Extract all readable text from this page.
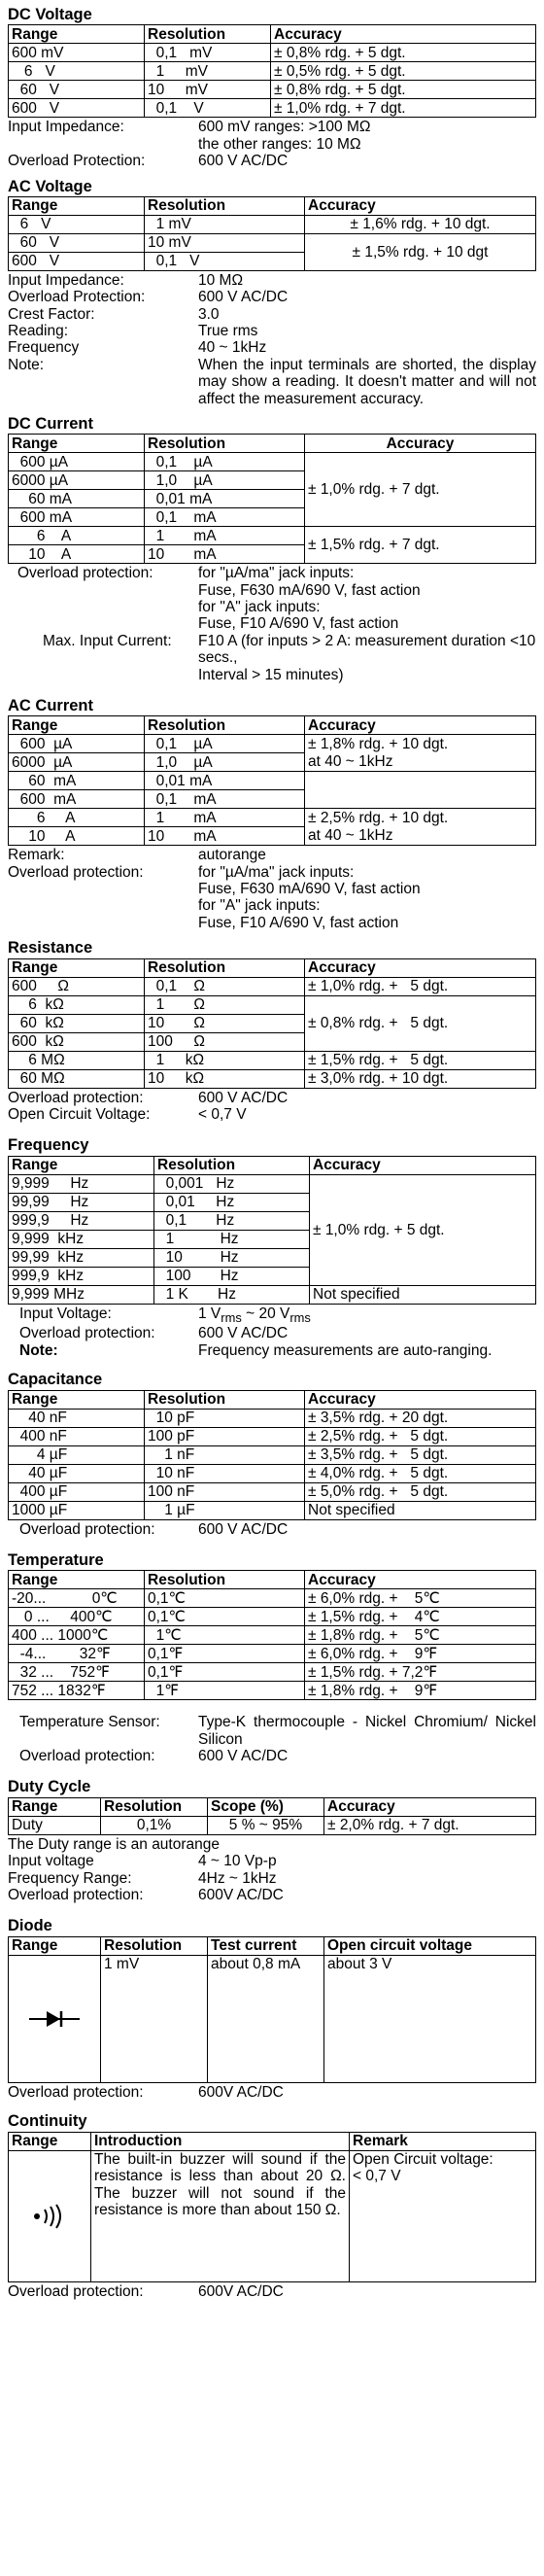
DC Voltage
Range	Resolution	Accuracy
600 mV	0,1   mV	± 0,8% rdg. + 5 dgt.
6   V	1     mV	± 0,5% rdg. + 5 dgt.
60   V	10     mV	± 0,8% rdg. + 5 dgt.
600   V	0,1    V	± 1,0% rdg. + 7 dgt.
Input Impedance:	600 mV ranges: >100 MΩ
the other ranges: 10 MΩ
Overload Protection:	600 V AC/DC
AC Voltage
Range	Resolution	Accuracy
6   V	1 mV	± 1,6% rdg. + 10 dgt.
60   V	10 mV	± 1,5% rdg. + 10 dgt
600   V	0,1   V	
Input Impedance:	10 MΩ
Overload Protection:	600 V AC/DC
Crest Factor:	3.0
Reading:	True rms
Frequency	40 ~ 1kHz
Note:	When the input terminals are shorted, the display may show a reading. It doesn't matter and will not affect the measurement accuracy.
DC Current
Range	Resolution	Accuracy
600 µA	0,1    µA	± 1,0% rdg. + 7 dgt.
6000 µA	1,0    µA	
60 mA	0,01 mA	
600 mA	0,1    mA	
6    A	1       mA	± 1,5% rdg. + 7 dgt.
10    A	10       mA	
Overload protection:	for "µA/ma" jack inputs:
Fuse, F630 mA/690 V, fast action
for "A" jack inputs:
Fuse, F10 A/690 V, fast action
Max. Input Current:	F10 A (for inputs > 2 A: measurement duration <10 secs.,
Interval > 15 minutes)
AC Current
Range	Resolution	Accuracy
600  µA	0,1    µA	± 1,8% rdg. + 10 dgt.
at 40 ~ 1kHz
6000  µA	1,0    µA	
60  mA	0,01 mA	
600  mA	0,1    mA	
6     A	1       mA	± 2,5% rdg. + 10 dgt.
at 40 ~ 1kHz
10     A	10       mA	
Remark:	autorange
Overload protection:	for "µA/ma" jack inputs:
Fuse, F630 mA/690 V, fast action
for "A" jack inputs:
Fuse, F10 A/690 V, fast action
Resistance
Range	Resolution	Accuracy
600     Ω	0,1    Ω	± 1,0% rdg. +   5 dgt.
6  kΩ	1       Ω	± 0,8% rdg. +   5 dgt.
60  kΩ	10       Ω	
600  kΩ	100     Ω	
6 MΩ	1     kΩ	± 1,5% rdg. +   5 dgt.
60 MΩ	10     kΩ	± 3,0% rdg. + 10 dgt.
Overload protection:	600 V AC/DC
Open Circuit Voltage:	< 0,7 V
Frequency
Range	Resolution	Accuracy
9,999     Hz	0,001   Hz	± 1,0% rdg. + 5 dgt.
99,99     Hz	0,01     Hz	
999,9     Hz	0,1       Hz	
9,999  kHz	1           Hz	
99,99  kHz	10         Hz	
999,9  kHz	100       Hz	
9,999 MHz	1 K       Hz	Not specified
Input Voltage:	1 $V_{rms}$ ~ 20 $V_{rms}$
Overload protection:	600 V AC/DC
Note:	Frequency measurements are auto-ranging.
Capacitance
Range	Resolution	Accuracy
40 nF	10 pF	± 3,5% rdg. + 20 dgt.
400 nF	100 pF	± 2,5% rdg. +   5 dgt.
4 µF	1 nF	± 3,5% rdg. +   5 dgt.
40 µF	10 nF	± 4,0% rdg. +   5 dgt.
400 µF	100 nF	± 5,0% rdg. +   5 dgt.
1000 µF	1 µF	Not specified
Overload protection:	600 V AC/DC
Temperature
Range	Resolution	Accuracy
-20...           0℃	0,1℃	± 6,0% rdg. +    5℃
0 ...     400℃	0,1℃	± 1,5% rdg. +    4℃
400 ... 1000℃	1℃	± 1,8% rdg. +    5℃
-4...        32℉	0,1℉	± 6,0% rdg. +    9℉
32 ...    752℉	0,1℉	± 1,5% rdg. + 7,2℉
752 ... 1832℉	1℉	± 1,8% rdg. +    9℉
Temperature Sensor:	Type-K thermocouple - Nickel Chromium/ Nickel Silicon
Overload protection:	600 V AC/DC
Duty Cycle
Range	Resolution	Scope (%)	Accuracy
Duty	0,1%	5 % ~ 95%	± 2,0% rdg. + 7 dgt.
The Duty range is an autorange
Input voltage	4 ~ 10 Vp-p
Frequency Range:	4Hz ~ 1kHz
Overload protection:	600V AC/DC
Diode
Range	Resolution	Test current	Open circuit voltage

	1 mV	about 0,8 mA	about 3 V
Overload protection:	600V AC/DC
Continuity
Range	Introduction	Remark

	The built-in buzzer will sound if the resistance is less than about 20 Ω. The buzzer will not sound if the resistance is more than about 150 Ω.	Open Circuit voltage:
< 0,7 V
Overload protection:	600V AC/DC
